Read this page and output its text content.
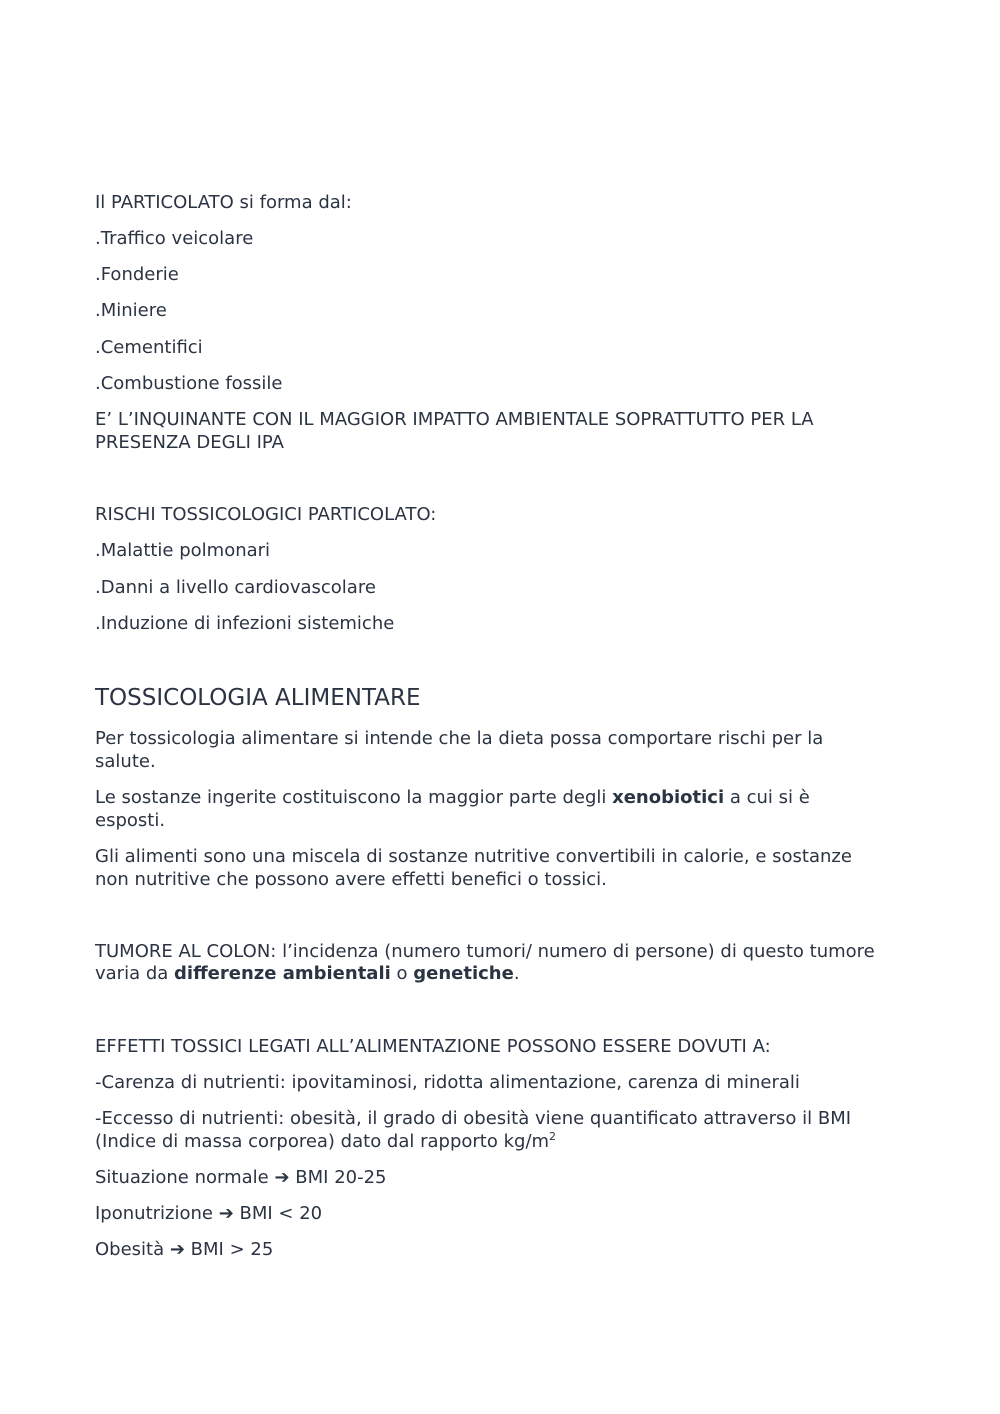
Il PARTICOLATO si forma dal:
.Traffico veicolare
.Fonderie
.Miniere
.Cementifici
.Combustione fossile
E’ L’INQUINANTE CON IL MAGGIOR IMPATTO AMBIENTALE SOPRATTUTTO PER LA
PRESENZA DEGLI IPA
RISCHI TOSSICOLOGICI PARTICOLATO:
.Malattie polmonari
.Danni a livello cardiovascolare
.Induzione di infezioni sistemiche
TOSSICOLOGIA ALIMENTARE
Per tossicologia alimentare si intende che la dieta possa comportare rischi per la
salute.
Le sostanze ingerite costituiscono la maggior parte degli xenobiotici a cui si è
esposti.
Gli alimenti sono una miscela di sostanze nutritive convertibili in calorie, e sostanze
non nutritive che possono avere effetti benefici o tossici.
TUMORE AL COLON: l’incidenza (numero tumori/ numero di persone) di questo tumore
varia da differenze ambientali o genetiche.
EFFETTI TOSSICI LEGATI ALL’ALIMENTAZIONE POSSONO ESSERE DOVUTI A:
-Carenza di nutrienti: ipovitaminosi, ridotta alimentazione, carenza di minerali
-Eccesso di nutrienti: obesità, il grado di obesità viene quantificato attraverso il BMI
(Indice di massa corporea) dato dal rapporto $kg/m^2$
Situazione normale ➔ BMI 20-25
Iponutrizione ➔ BMI < 20
Obesità ➔ BMI > 25
